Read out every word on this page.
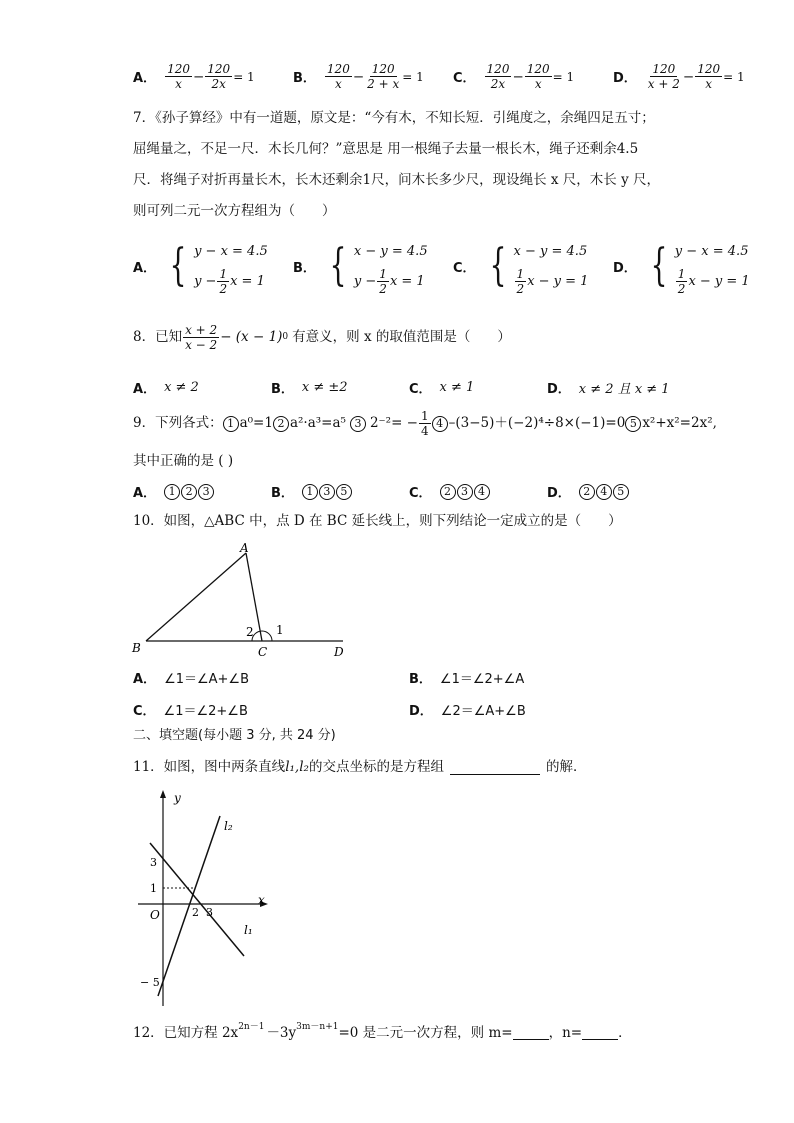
A． $\frac{120}{x} - \frac{120}{2x} = 1$	B． $\frac{120}{x} - \frac{120}{2 + x} = 1$ C． $\frac{120}{2x} - \frac{120}{x} = 1$	D． $\frac{120}{x + 2} - \frac{120}{x} = 1$
7．《孙子算经》中有一道题，原文是：“今有木，不知长短．引绳度之，余绳四足五寸；
屈绳量之，不足一尺．木长几何？”意思是 用一根绳子去量一根长木，绳子还剩余4.5
尺．将绳子对折再量长木，长木还剩余1尺，问木长多少尺，现设绳长 x 尺，木长 y 尺，
则可列二元一次方程组为（　　）
A． { y − x = 4.5
$y - \frac{1}{2}$ x = 1
B． { x − y = 4.5
$y - \frac{1}{2}$ x = 1
C． { x − y = 4.5
$\frac{1}{2}$ x − y = 1
D． { y − x = 4.5
$\frac{1}{2}$ x − y = 1
8．已知 $\frac{x + 2}{x - 2} - (x - 1)$ 0 有意义，则 x 的取值范围是（　　）
A． x ≠ 2	B． x ≠ ±2	C． x ≠ 1	D． x ≠ 2 且 x ≠ 1
9．下列各式： 1 a⁰=1 2 a²·a³=a⁵ 3 $2^{-2}= - \frac{1}{4} 4$ –(3−5)＋(−2)⁴÷8×(−1)=0 5 x²+x²=2x²,
其中正确的是 ( )
A．	1 2 3	B．	1 3 5	C．	2 3 4	D．	2 4 5
10．如图，△ABC 中，点 D 在 BC 延长线上，则下列结论一定成立的是（　　）
A
B	C	D
2 1
A． ∠1＝∠A+∠B	B． ∠1＝∠2+∠A
C． ∠1＝∠2+∠B	D． ∠2＝∠A+∠B
二、填空题(每小题 3 分, 共 24 分)
11．如图，图中两条直线 l₁,l₂ 的交点坐标的是方程组	的解．
y
x
O
l₂
l₁
3
1
2 3
− 5
12．已知方程 $2x^{2n-1} -3y^{3m-n+1} =0$ 是二元一次方程，则 m=	，n=	．
